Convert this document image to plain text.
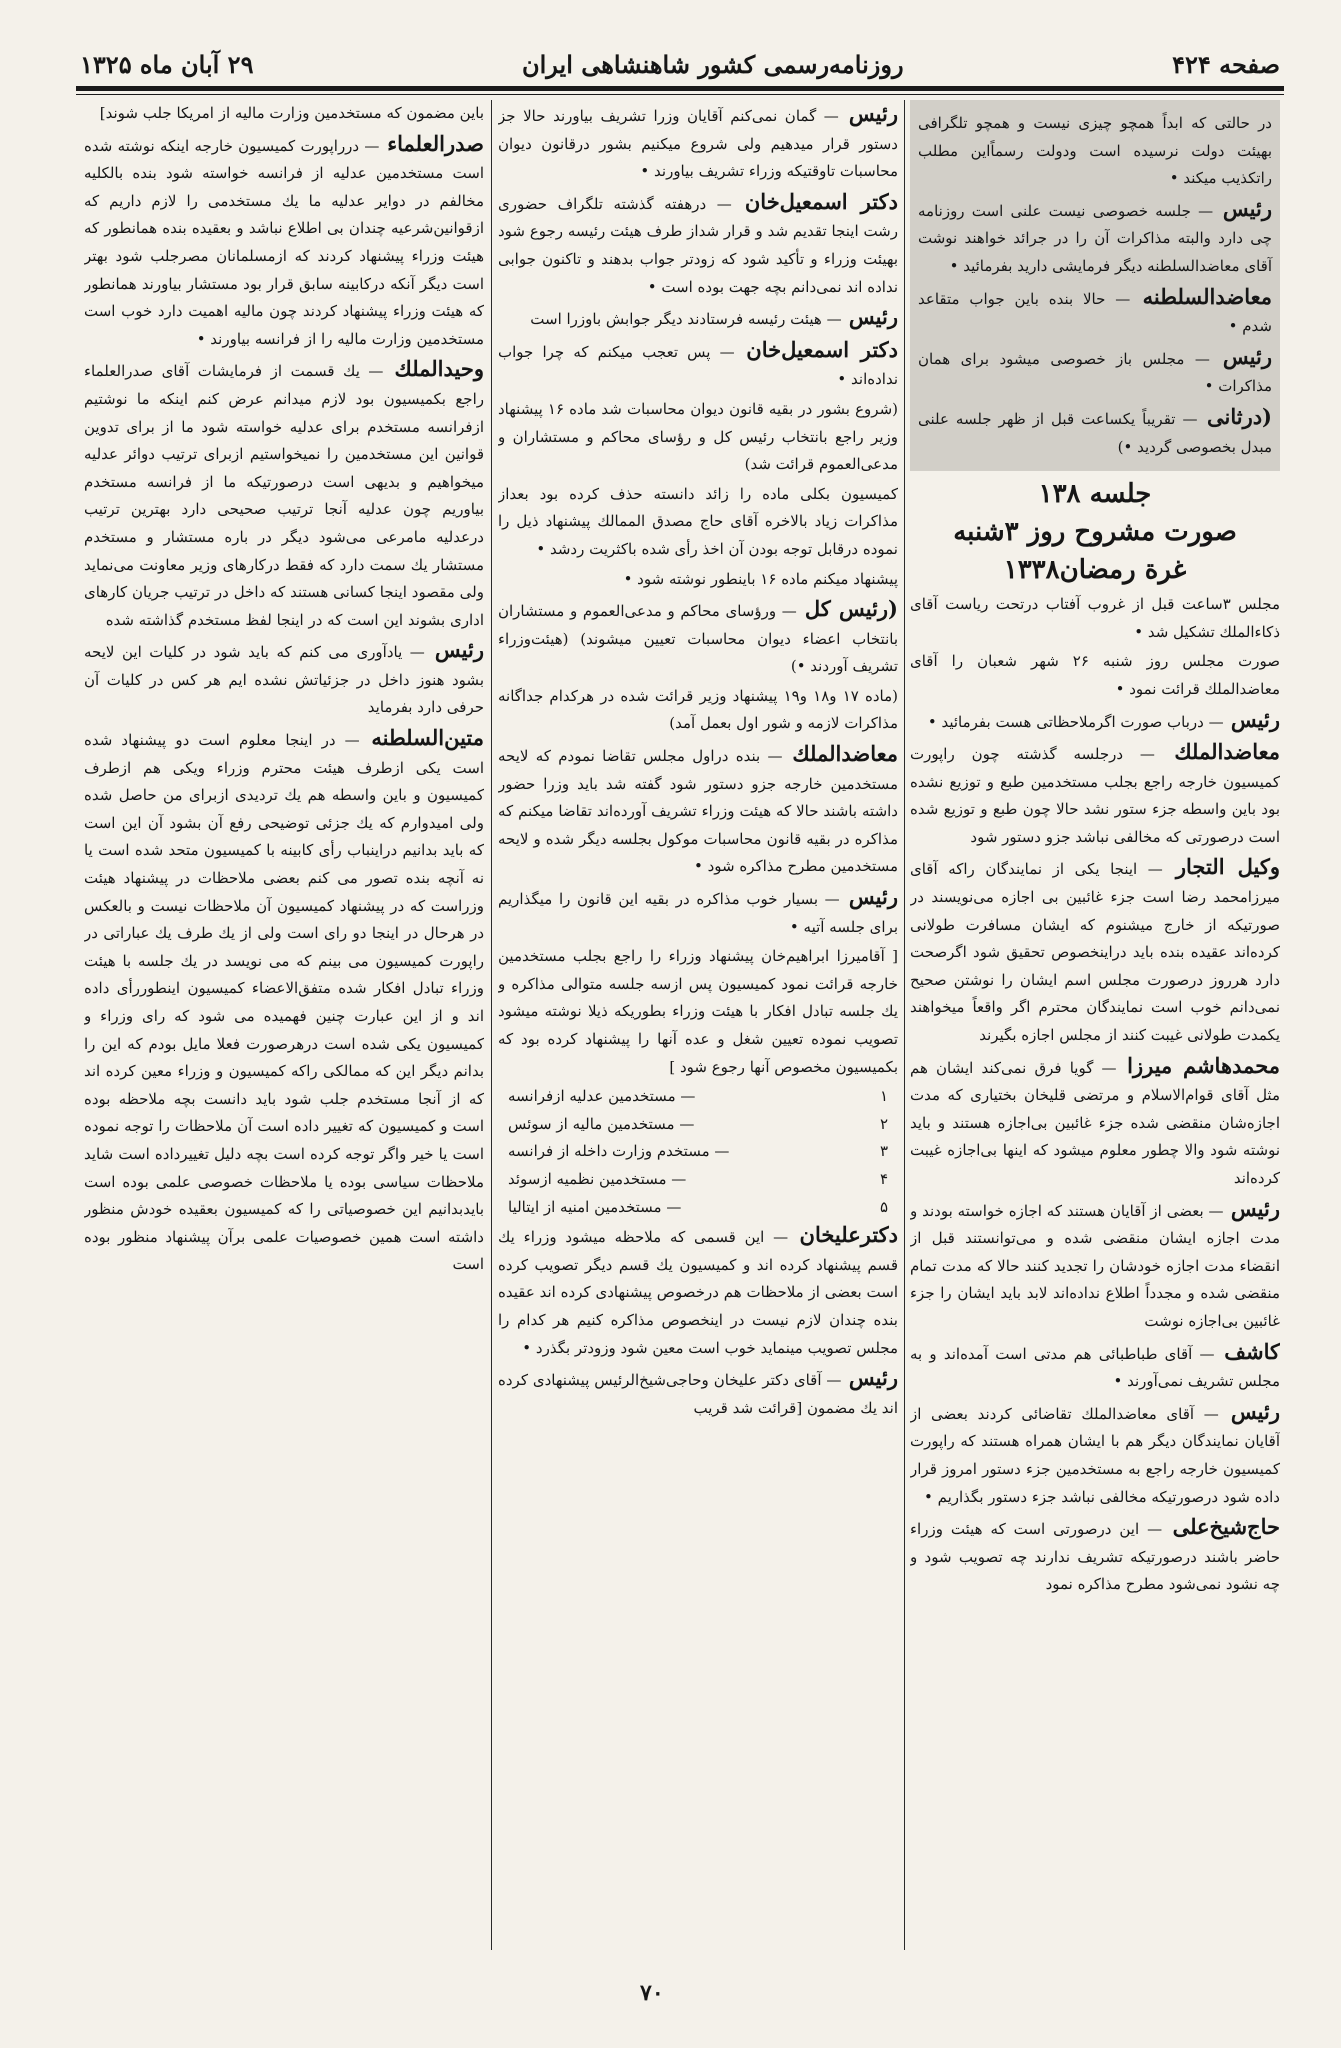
صفحه ۴۲۴
روزنامه‌رسمی کشور شاهنشاهی ایران
۲۹ آبان ماه ۱۳۲۵

در حالتی که ابداً همچو چیزی نیست و همچو تلگرافی بهیئت دولت نرسیده است ودولت رسماًاین مطلب راتکذیب میکند •

رئیس — جلسه خصوصی نیست علنی است روزنامه چی دارد والبته مذاکرات آن را در جرائد خواهند نوشت آقای معاضدالسلطنه دیگر فرمایشی دارید بفرمائید •

معاضدالسلطنه — حالا بنده باین جواب متقاعد شدم •

رئیس — مجلس باز خصوصی میشود برای همان مذاکرات •

(درثانی — تقریباً یکساعت قبل از ظهر جلسه علنی مبدل بخصوصی گردید •)

جلسه ۱۳۸
صورت مشروح روز ۳شنبه
غرة رمضان۱۳۳۸

مجلس ۳ساعت قبل از غروب آفتاب درتحت ریاست آقای ذکاءالملك تشکیل شد •

صورت مجلس روز شنبه ۲۶ شهر شعبان را آقای معاضدالملك قرائت نمود •

رئیس — درباب صورت اگرملاحظاتی هست بفرمائید •

معاضدالملك — درجلسه گذشته چون راپورت کمیسیون خارجه راجع بجلب مستخدمین طبع و توزیع نشده بود باین واسطه جزء ستور نشد حالا چون طبع و توزیع شده است درصورتی که مخالفی نباشد جزو دستور شود

وکیل التجار — اینجا یکی از نمایندگان راکه آقای میرزامحمد رضا است جزء غائبین بی اجازه می‌نویسند در صورتیکه از خارج میشنوم که ایشان مسافرت طولانی کرده‌اند عقیده بنده باید دراینخصوص تحقیق شود اگرصحت دارد هرروز درصورت مجلس اسم ایشان را نوشتن صحیح نمی‌دانم خوب است نمایندگان محترم اگر واقعاً میخواهند یکمدت طولانی غیبت کنند از مجلس اجازه بگیرند

محمدهاشم میرزا — گویا فرق نمی‌کند ایشان هم مثل آقای قوام‌الاسلام و مرتضی قلیخان بختیاری که مدت اجازه‌شان منقضی شده جزء غائبین بی‌اجازه هستند و باید نوشته شود والا چطور معلوم میشود که اینها بی‌اجازه غیبت کرده‌اند

رئیس — بعضی از آقایان هستند که اجازه خواسته بودند و مدت اجازه ایشان منقضی شده و می‌توانستند قبل از انقضاء مدت اجازه خودشان را تجدید کنند حالا که مدت تمام منقضی شده و مجدداً اطلاع نداده‌اند لابد باید ایشان را جزء غائبین بی‌اجازه نوشت

کاشف — آقای طباطبائی هم مدتی است آمده‌اند و به مجلس تشریف نمی‌آورند •

رئیس — آقای معاضدالملك تقاضائی کردند بعضی از آقایان نمایندگان دیگر هم با ایشان همراه هستند که راپورت کمیسیون خارجه راجع به مستخدمین جزء دستور امروز قرار داده شود درصورتیکه مخالفی نباشد جزء دستور بگذاریم •

حاج‌شیخ‌علی — این درصورتی است که هیئت وزراء حاضر باشند درصورتیکه تشریف ندارند چه تصویب شود و چه نشود نمی‌شود مطرح مذاکره نمود

رئیس — گمان نمی‌کنم آقایان وزرا تشریف بیاورند حالا جز دستور قرار میدهیم ولی شروع میکنیم بشور درقانون دیوان محاسبات تاوقتیکه وزراء تشریف بیاورند •

دکتر اسمعیل‌خان — درهفته گذشته تلگراف حضوری رشت اینجا تقدیم شد و قرار شداز طرف هیئت رئیسه رجوع شود بهیئت وزراء و تأکید شود که زودتر جواب بدهند و تاکنون جوابی نداده اند نمی‌دانم بچه جهت بوده است •

رئیس — هیئت رئیسه فرستادند دیگر جوابش باوزرا است

دکتر اسمعیل‌خان — پس تعجب میکنم که چرا جواب نداده‌اند •

(شروع بشور در بقیه قانون دیوان محاسبات شد ماده ۱۶ پیشنهاد وزیر راجع بانتخاب رئیس کل و رؤسای محاکم و مستشاران و مدعی‌العموم قرائت شد)

کمیسیون بکلی ماده را زائد دانسته حذف کرده بود بعداز مذاکرات زیاد بالاخره آقای حاج مصدق الممالك پیشنهاد ذیل را نموده درقابل توجه بودن آن اخذ رأی شده باکثریت ردشد •

پیشنهاد میکنم ماده ۱۶ باینطور نوشته شود •

(رئیس کل — ورؤسای محاکم و مدعی‌العموم و مستشاران بانتخاب اعضاء دیوان محاسبات تعیین میشوند) (هیئت‌وزراء تشریف آوردند •)

(ماده ۱۷ و۱۸ و۱۹ پیشنهاد وزیر قرائت شده در هرکدام جداگانه مذاکرات لازمه و شور اول بعمل آمد)

معاضدالملك — بنده دراول مجلس تقاضا نمودم که لایحه مستخدمین خارجه جزو دستور شود گفته شد باید وزرا حضور داشته باشند حالا که هیئت وزراء تشریف آورده‌اند تقاضا میکنم که مذاکره در بقیه قانون محاسبات موکول بجلسه دیگر شده و لایحه مستخدمین مطرح مذاکره شود •

رئیس — بسیار خوب مذاکره در بقیه این قانون را میگذاریم برای جلسه آتیه •

[ آقامیرزا ابراهیم‌خان پیشنهاد وزراء را راجع بجلب مستخدمین خارجه قرائت نمود کمیسیون پس ازسه جلسه متوالی مذاکره و یك جلسه تبادل افکار با هیئت وزراء بطوریکه ذیلا نوشته میشود تصویب نموده تعیین شغل و عده آنها را پیشنهاد کرده بود که بکمیسیون مخصوص آنها رجوع شود ]

۱
— مستخدمین عدلیه ازفرانسه
۲
— مستخدمین مالیه از سوئس
۳
— مستخدم وزارت داخله از فرانسه
۴
— مستخدمین نظمیه ازسوئد
۵
— مستخدمین امنیه از ایتالیا

دکترعلیخان — این قسمی که ملاحظه میشود وزراء یك قسم پیشنهاد کرده اند و کمیسیون یك قسم دیگر تصویب کرده است بعضی از ملاحظات هم درخصوص پیشنهادی کرده اند عقیده بنده چندان لازم نیست در اینخصوص مذاکره کنیم هر کدام را مجلس تصویب مینماید خوب است معین شود وزودتر بگذرد •

رئیس — آقای دکتر علیخان وحاجی‌شیخ‌الرئیس پیشنهادی کرده اند یك مضمون [قرائت شد قریب

باین مضمون که مستخدمین وزارت مالیه از امریکا جلب شوند]

صدرالعلماء — درراپورت کمیسیون خارجه اینکه نوشته شده است مستخدمین عدلیه از فرانسه خواسته شود بنده بالکلیه مخالفم در دوایر عدلیه ما یك مستخدمی را لازم داریم که ازقوانین‌شرعیه چندان بی اطلاع نباشد و بعقیده بنده همانطور که هیئت وزراء پیشنهاد کردند که ازمسلمانان مصرجلب شود بهتر است دیگر آنکه درکابینه سابق قرار بود مستشار بیاورند همانطور که هیئت وزراء پیشنهاد کردند چون مالیه اهمیت دارد خوب است مستخدمین وزارت مالیه را از فرانسه بیاورند •

وحیدالملك — یك قسمت از فرمایشات آقای صدرالعلماء راجع بکمیسیون بود لازم میدانم عرض کنم اینکه ما نوشتیم ازفرانسه مستخدم برای عدلیه خواسته شود ما از برای تدوین قوانین این مستخدمین را نمیخواستیم ازبرای ترتیب دوائر عدلیه میخواهیم و بدیهی است درصورتیکه ما از فرانسه مستخدم بیاوریم چون عدلیه آنجا ترتیب صحیحی دارد بهترین ترتیب درعدلیه مامرعی می‌شود دیگر در باره مستشار و مستخدم مستشار یك سمت دارد که فقط درکارهای وزیر معاونت می‌نماید ولی مقصود اینجا کسانی هستند که داخل در ترتیب جریان کارهای اداری بشوند این است که در اینجا لفظ مستخدم گذاشته شده

رئیس — یادآوری می کنم که باید شود در کلیات این لایحه بشود هنوز داخل در جزئیاتش نشده ایم هر کس در کلیات آن حرفی دارد بفرماید

متین‌السلطنه — در اینجا معلوم است دو پیشنهاد شده است یکی ازطرف هیئت محترم وزراء ویکی هم ازطرف کمیسیون و باین واسطه هم یك تردیدی ازبرای من حاصل شده ولی امیدوارم که یك جزئی توضیحی رفع آن بشود آن این است که باید بدانیم دراینباب رأی کابینه با کمیسیون متحد شده است یا نه آنچه بنده تصور می کنم بعضی ملاحظات در پیشنهاد هیئت وزراست که در پیشنهاد کمیسیون آن ملاحظات نیست و بالعکس در هرحال در اینجا دو رای است ولی از یك طرف یك عباراتی در راپورت کمیسیون می بینم که می نویسد در یك جلسه با هیئت وزراء تبادل افکار شده متفق‌الاعضاء کمیسیون اینطوررأی داده اند و از این عبارت چنین فهمیده می شود که رای وزراء و کمیسیون یکی شده است درهرصورت فعلا مایل بودم که این را بدانم دیگر این که ممالکی راکه کمیسیون و وزراء معین کرده اند که از آنجا مستخدم جلب شود باید دانست بچه ملاحظه بوده است و کمیسیون که تغییر داده است آن ملاحظات را توجه نموده است یا خیر واگر توجه کرده است بچه دلیل تغییرداده است شاید ملاحظات سیاسی بوده یا ملاحظات خصوصی علمی بوده است بایدبدانیم این خصوصیاتی را که کمیسیون بعقیده خودش منظور داشته است همین خصوصیات علمی برآن پیشنهاد منظور بوده است

۷۰
